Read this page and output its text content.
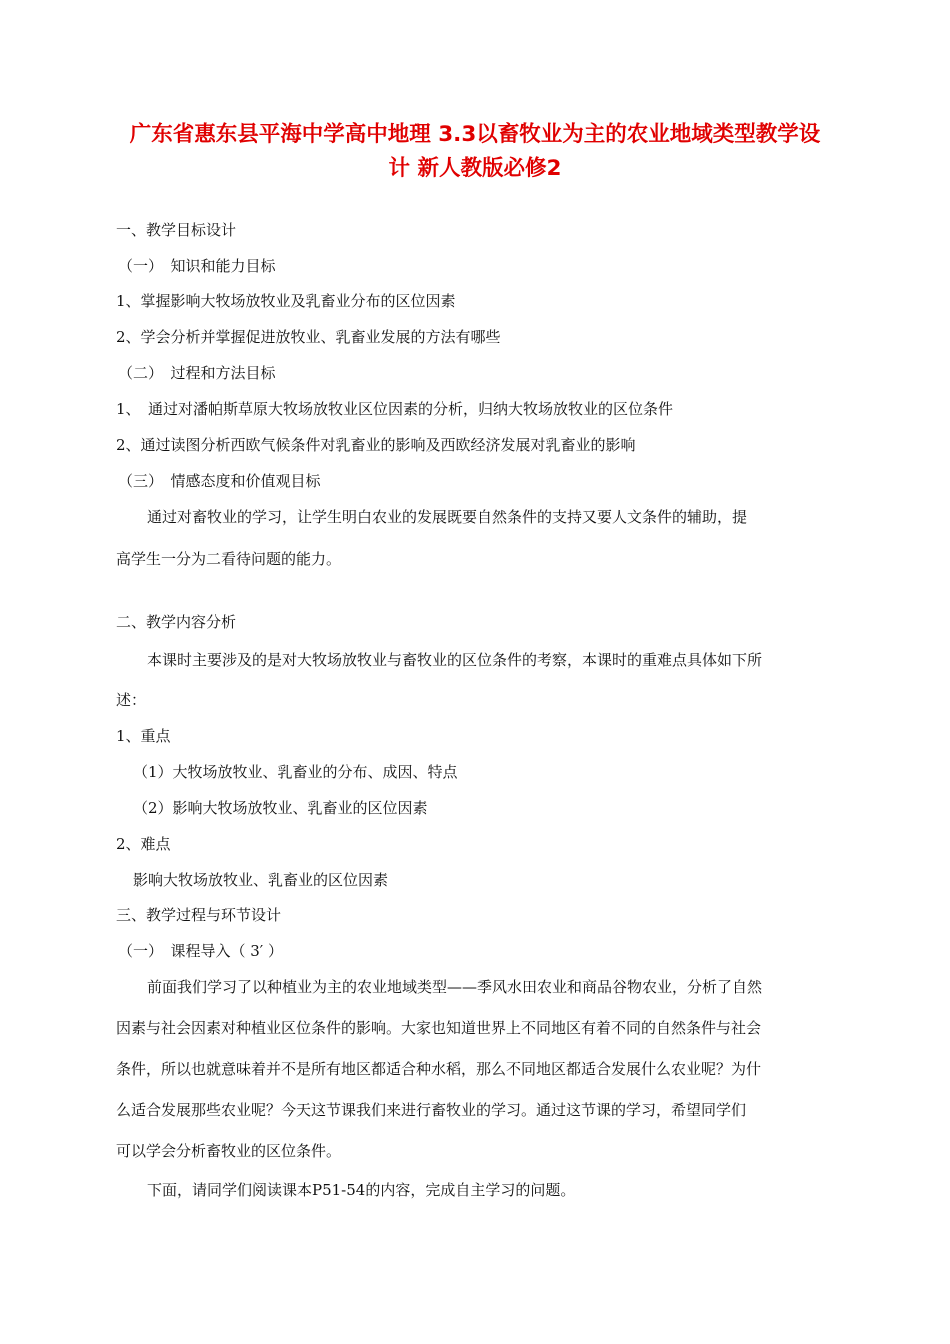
广东省惠东县平海中学高中地理 3.3以畜牧业为主的农业地域类型教学设
计 新人教版必修2
一、教学目标设计
（一）　知识和能力目标
1、掌握影响大牧场放牧业及乳畜业分布的区位因素
2、学会分析并掌握促进放牧业、乳畜业发展的方法有哪些
（二）　过程和方法目标
1、　通过对潘帕斯草原大牧场放牧业区位因素的分析，归纳大牧场放牧业的区位条件
2、通过读图分析西欧气候条件对乳畜业的影响及西欧经济发展对乳畜业的影响
（三）　情感态度和价值观目标
通过对畜牧业的学习，让学生明白农业的发展既要自然条件的支持又要人文条件的辅助，提
高学生一分为二看待问题的能力。
二、教学内容分析
本课时主要涉及的是对大牧场放牧业与畜牧业的区位条件的考察，本课时的重难点具体如下所
述：
1、重点
（1）大牧场放牧业、乳畜业的分布、成因、特点
（2）影响大牧场放牧业、乳畜业的区位因素
2、难点
影响大牧场放牧业、乳畜业的区位因素
三、教学过程与环节设计
（一）　课程导入（ 3′ ）
前面我们学习了以种植业为主的农业地域类型——季风水田农业和商品谷物农业，分析了自然
因素与社会因素对种植业区位条件的影响。大家也知道世界上不同地区有着不同的自然条件与社会
条件，所以也就意味着并不是所有地区都适合种水稻，那么不同地区都适合发展什么农业呢？为什
么适合发展那些农业呢？今天这节课我们来进行畜牧业的学习。通过这节课的学习，希望同学们
可以学会分析畜牧业的区位条件。
下面，请同学们阅读课本P51-54的内容，完成自主学习的问题。
